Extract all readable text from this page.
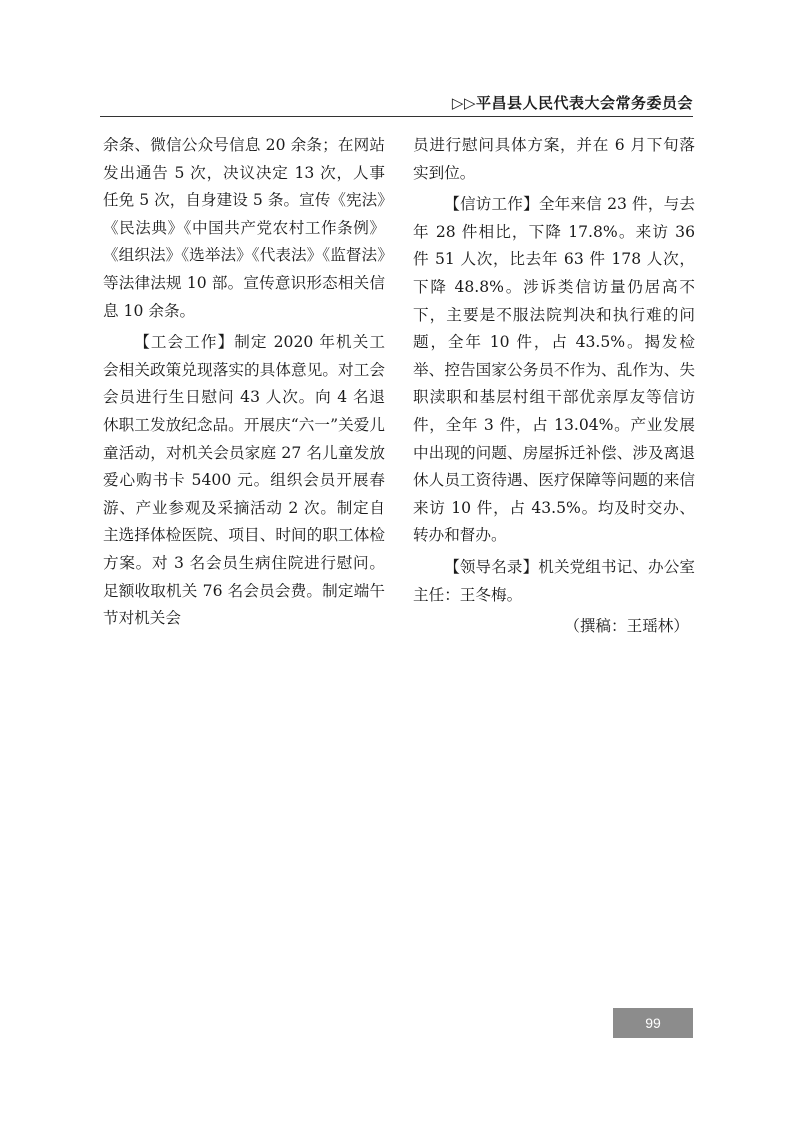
▷▷平昌县人民代表大会常务委员会

余条、微信公众号信息 20 余条；在网站发出通告 5 次，决议决定 13 次，人事任免 5 次，自身建设 5 条。宣传《宪法》《民法典》《中国共产党农村工作条例》《组织法》《选举法》《代表法》《监督法》等法律法规 10 部。宣传意识形态相关信息 10 余条。

【工会工作】制定 2020 年机关工会相关政策兑现落实的具体意见。对工会会员进行生日慰问 43 人次。向 4 名退休职工发放纪念品。开展庆“六一”关爱儿童活动，对机关会员家庭 27 名儿童发放爱心购书卡 5400 元。组织会员开展春游、产业参观及采摘活动 2 次。制定自主选择体检医院、项目、时间的职工体检方案。对 3 名会员生病住院进行慰问。足额收取机关 76 名会员会费。制定端午节对机关会

员进行慰问具体方案，并在 6 月下旬落实到位。

【信访工作】全年来信 23 件，与去年 28 件相比，下降 17.8%。来访 36 件 51 人次，比去年 63 件 178 人次，下降 48.8%。涉诉类信访量仍居高不下，主要是不服法院判决和执行难的问题，全年 10 件，占 43.5%。揭发检举、控告国家公务员不作为、乱作为、失职渎职和基层村组干部优亲厚友等信访件，全年 3 件，占 13.04%。产业发展中出现的问题、房屋拆迁补偿、涉及离退休人员工资待遇、医疗保障等问题的来信来访 10 件，占 43.5%。均及时交办、转办和督办。

【领导名录】机关党组书记、办公室主任：王冬梅。

（撰稿：王瑶林）

99
